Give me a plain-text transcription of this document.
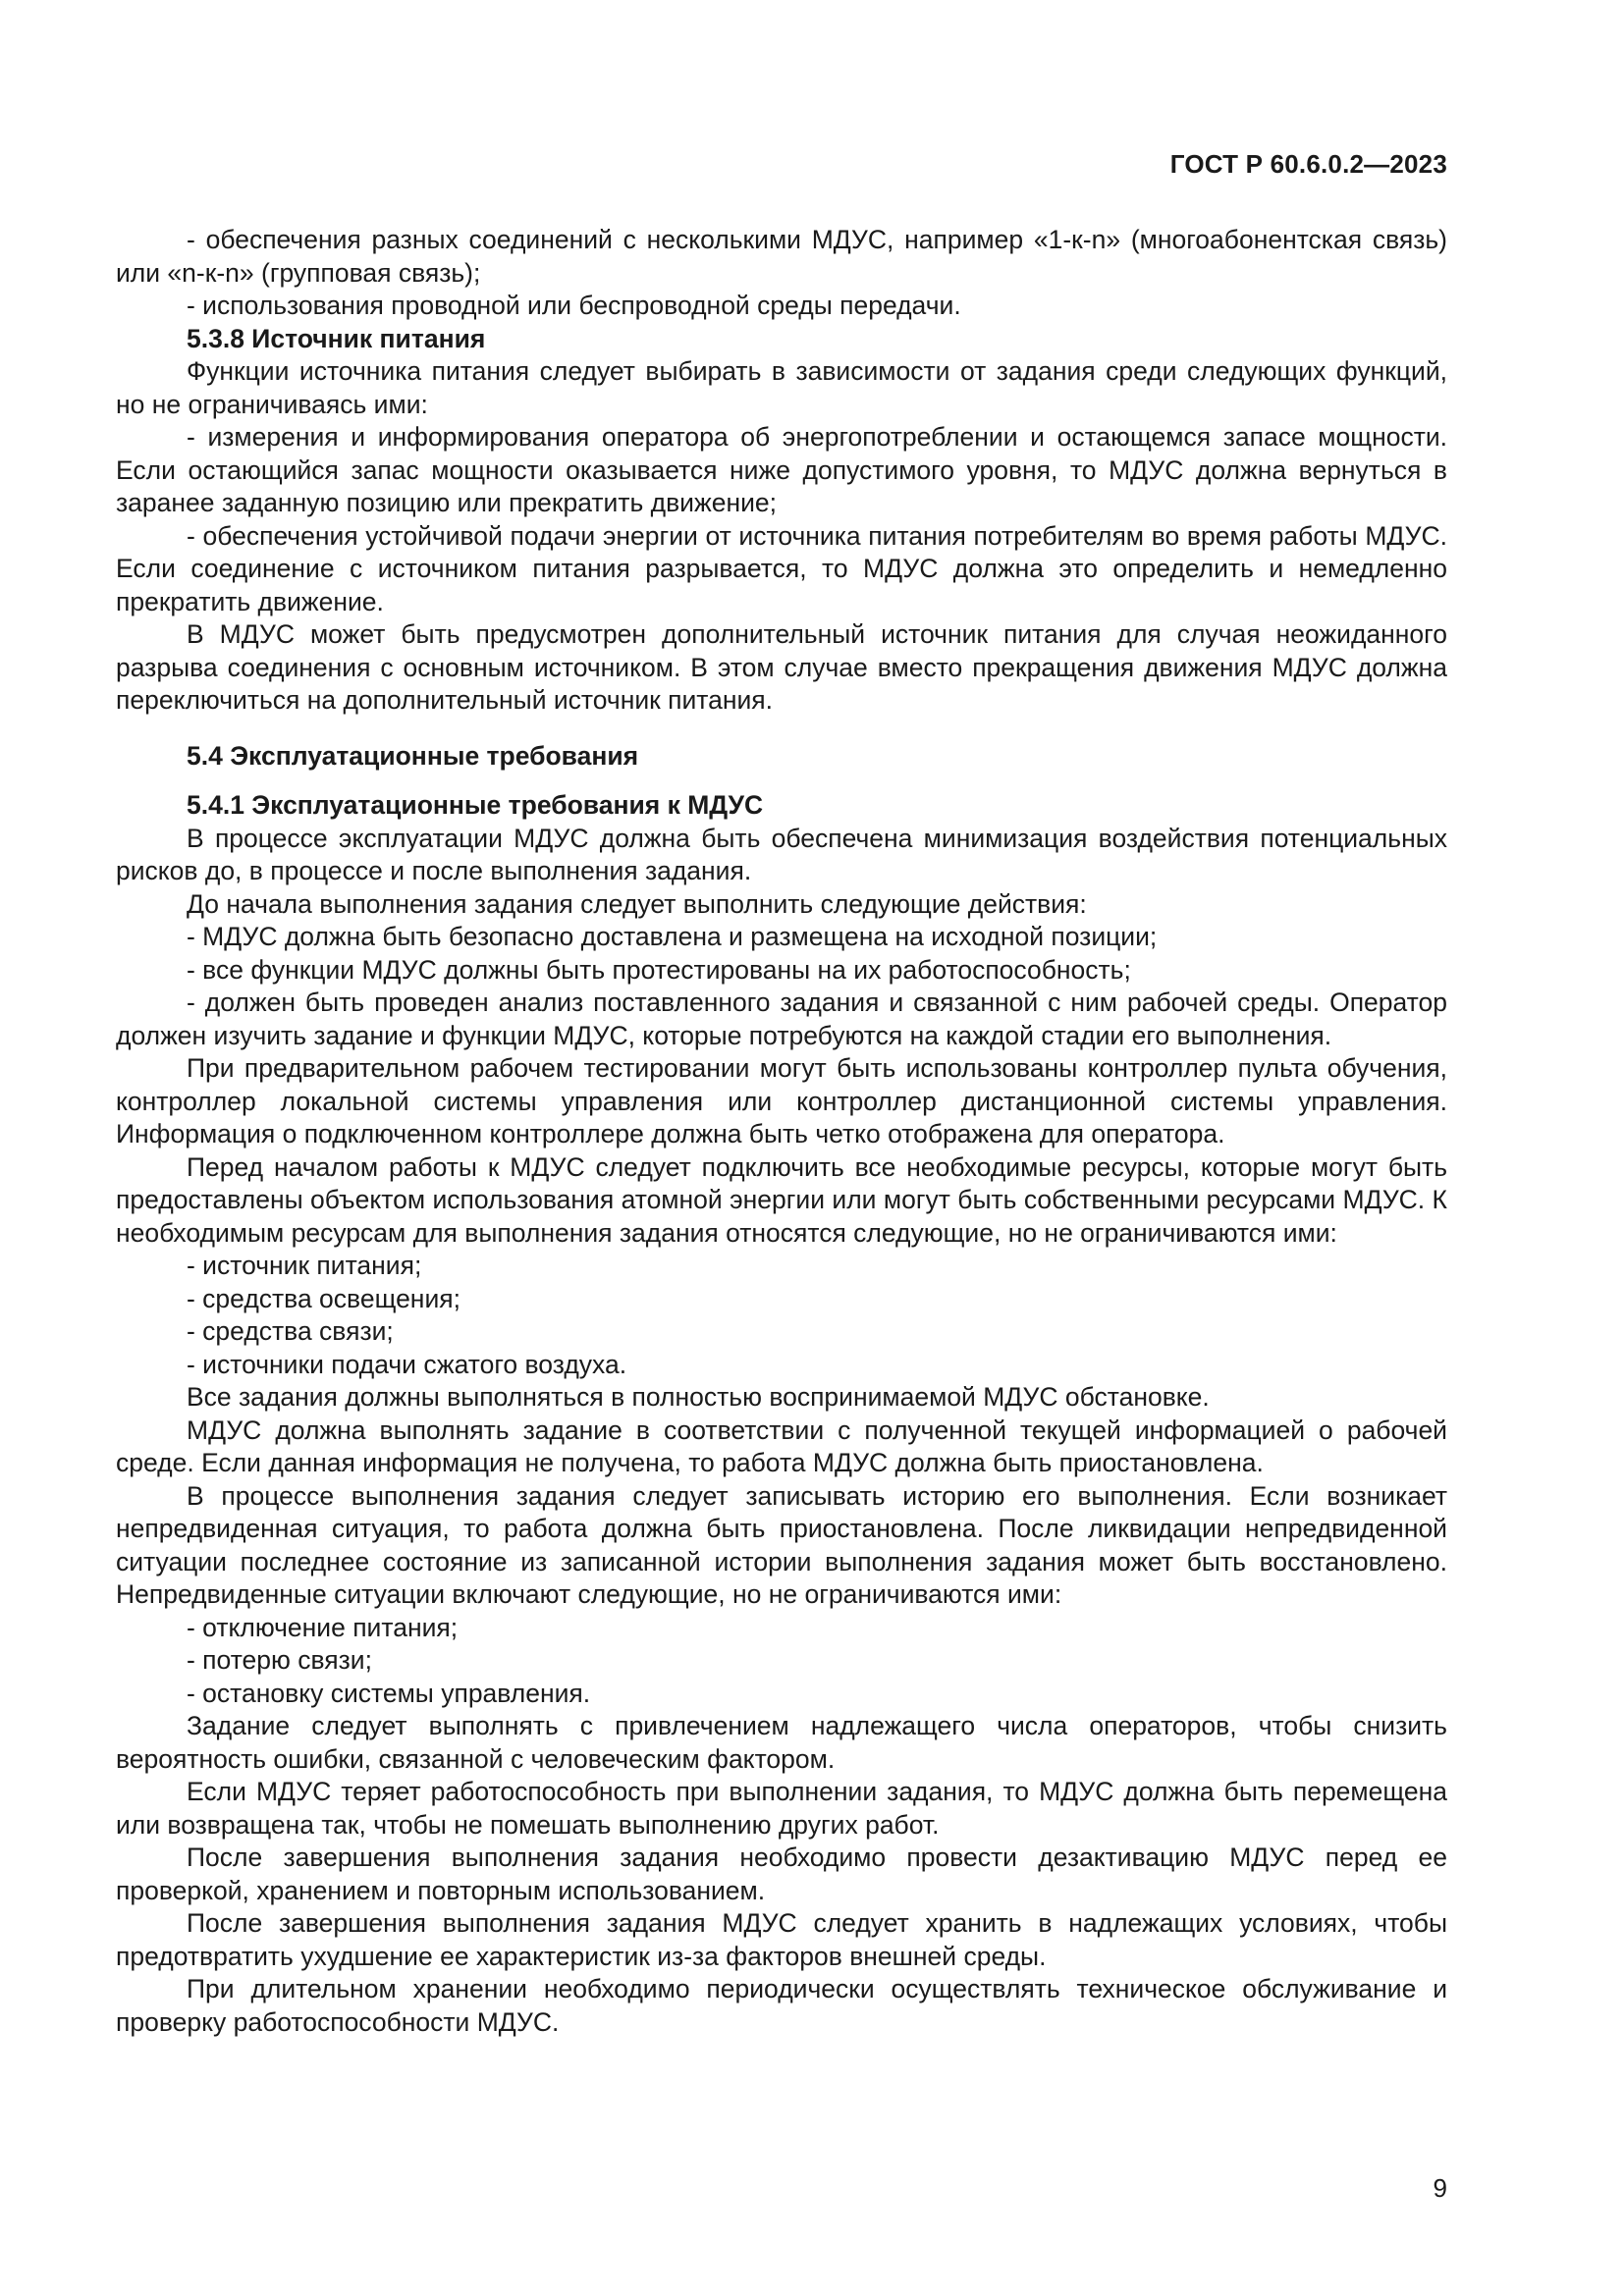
ГОСТ Р 60.6.0.2—2023

- обеспечения разных соединений с несколькими МДУС, например «1-к-n» (многоабонентская связь) или «n-к-n» (групповая связь);

- использования проводной или беспроводной среды передачи.

5.3.8 Источник питания

Функции источника питания следует выбирать в зависимости от задания среди следующих функций, но не ограничиваясь ими:

- измерения и информирования оператора об энергопотреблении и остающемся запасе мощности. Если остающийся запас мощности оказывается ниже допустимого уровня, то МДУС должна вернуться в заранее заданную позицию или прекратить движение;

- обеспечения устойчивой подачи энергии от источника питания потребителям во время работы МДУС. Если соединение с источником питания разрывается, то МДУС должна это определить и немедленно прекратить движение.

В МДУС может быть предусмотрен дополнительный источник питания для случая неожиданного разрыва соединения с основным источником. В этом случае вместо прекращения движения МДУС должна переключиться на дополнительный источник питания.

5.4 Эксплуатационные требования

5.4.1 Эксплуатационные требования к МДУС

В процессе эксплуатации МДУС должна быть обеспечена минимизация воздействия потенциальных рисков до, в процессе и после выполнения задания.

До начала выполнения задания следует выполнить следующие действия:

- МДУС должна быть безопасно доставлена и размещена на исходной позиции;

- все функции МДУС должны быть протестированы на их работоспособность;

- должен быть проведен анализ поставленного задания и связанной с ним рабочей среды. Оператор должен изучить задание и функции МДУС, которые потребуются на каждой стадии его выполнения.

При предварительном рабочем тестировании могут быть использованы контроллер пульта обучения, контроллер локальной системы управления или контроллер дистанционной системы управления. Информация о подключенном контроллере должна быть четко отображена для оператора.

Перед началом работы к МДУС следует подключить все необходимые ресурсы, которые могут быть предоставлены объектом использования атомной энергии или могут быть собственными ресурсами МДУС. К необходимым ресурсам для выполнения задания относятся следующие, но не ограничиваются ими:

- источник питания;

- средства освещения;

- средства связи;

- источники подачи сжатого воздуха.

Все задания должны выполняться в полностью воспринимаемой МДУС обстановке.

МДУС должна выполнять задание в соответствии с полученной текущей информацией о рабочей среде. Если данная информация не получена, то работа МДУС должна быть приостановлена.

В процессе выполнения задания следует записывать историю его выполнения. Если возникает непредвиденная ситуация, то работа должна быть приостановлена. После ликвидации непредвиденной ситуации последнее состояние из записанной истории выполнения задания может быть восстановлено. Непредвиденные ситуации включают следующие, но не ограничиваются ими:

- отключение питания;

- потерю связи;

- остановку системы управления.

Задание следует выполнять с привлечением надлежащего числа операторов, чтобы снизить вероятность ошибки, связанной с человеческим фактором.

Если МДУС теряет работоспособность при выполнении задания, то МДУС должна быть перемещена или возвращена так, чтобы не помешать выполнению других работ.

После завершения выполнения задания необходимо провести дезактивацию МДУС перед ее проверкой, хранением и повторным использованием.

После завершения выполнения задания МДУС следует хранить в надлежащих условиях, чтобы предотвратить ухудшение ее характеристик из-за факторов внешней среды.

При длительном хранении необходимо периодически осуществлять техническое обслуживание и проверку работоспособности МДУС.

9
